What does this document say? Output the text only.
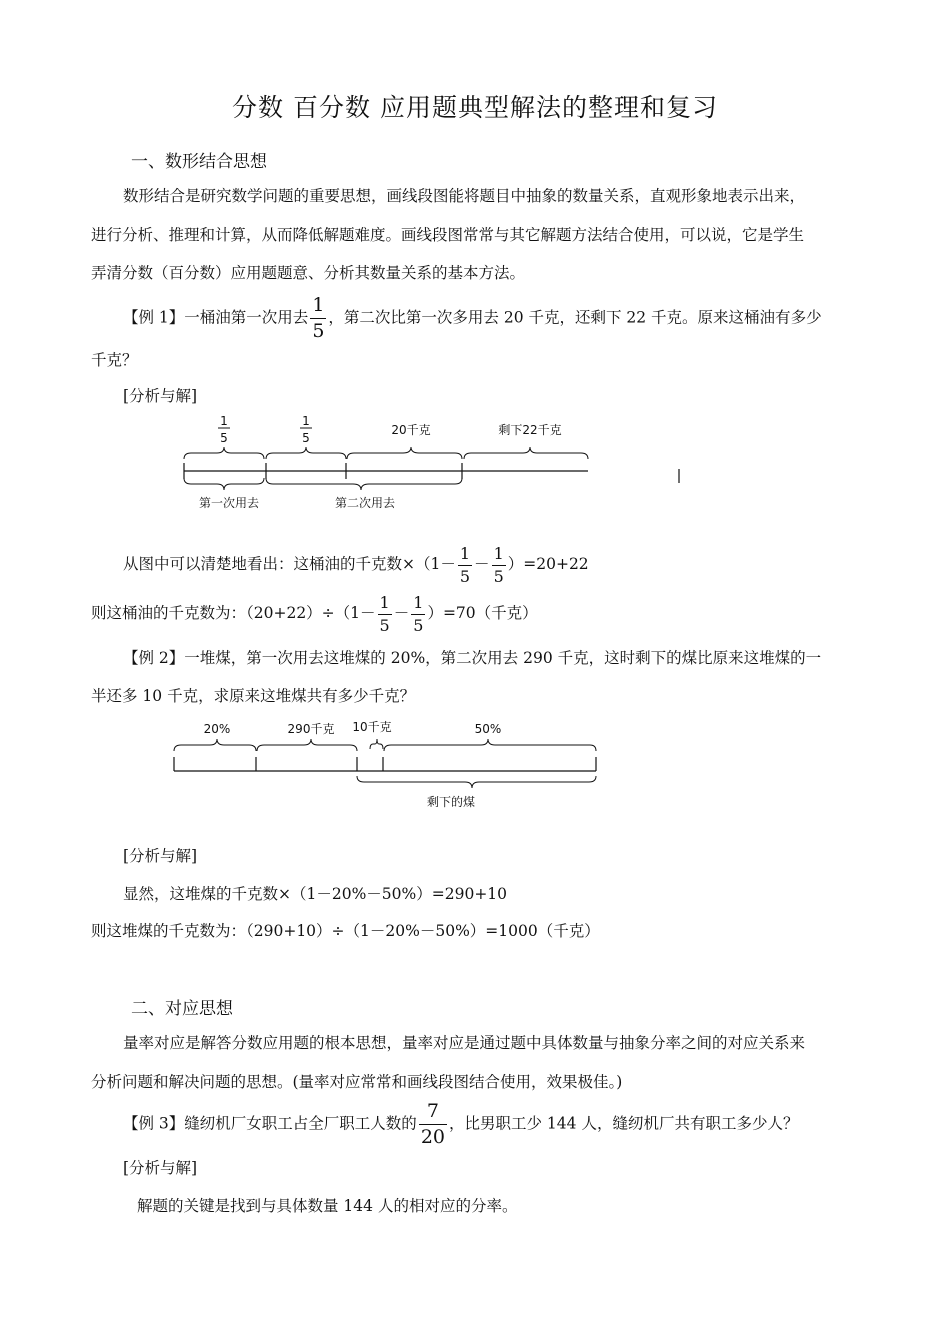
分数 百分数 应用题典型解法的整理和复习
一、数形结合思想
数形结合是研究数学问题的重要思想，画线段图能将题目中抽象的数量关系，直观形象地表示出来，
进行分析、推理和计算，从而降低解题难度。画线段图常常与其它解题方法结合使用，可以说，它是学生
弄清分数（百分数）应用题题意、分析其数量关系的基本方法。
【例 1】一桶油第一次用去 $\frac{1}{5}$ ，第二次比第一次多用去 20 千克，还剩下 22 千克。原来这桶油有多少
千克？
[分析与解]
1
5
1
5
20千克	剩下22千克
第一次用去	第二次用去
从图中可以清楚地看出：这桶油的千克数$\times(1- \frac{1}{5} - \frac{1}{5} )=20+22$
则这桶油的千克数为：$(20+22)\div(1- \frac{1}{5} - \frac{1}{5} )=70$（千克）
【例 2】一堆煤，第一次用去这堆煤的 20%，第二次用去 290 千克，这时剩下的煤比原来这堆煤的一
半还多 10 千克，求原来这堆煤共有多少千克？
20%	290千克 10千克	50%
剩下的煤
[分析与解]
显然，这堆煤的千克数×（1－20%－50%）=290+10
则这堆煤的千克数为：（290+10）÷（1－20%－50%）=1000（千克）
二、对应思想
量率对应是解答分数应用题的根本思想，量率对应是通过题中具体数量与抽象分率之间的对应关系来
分析问题和解决问题的思想。(量率对应常常和画线段图结合使用，效果极佳。)
【例 3】缝纫机厂女职工占全厂职工人数的 $\frac{7}{20}$ ，比男职工少 144 人，缝纫机厂共有职工多少人？
[分析与解]
解题的关键是找到与具体数量 144 人的相对应的分率。
